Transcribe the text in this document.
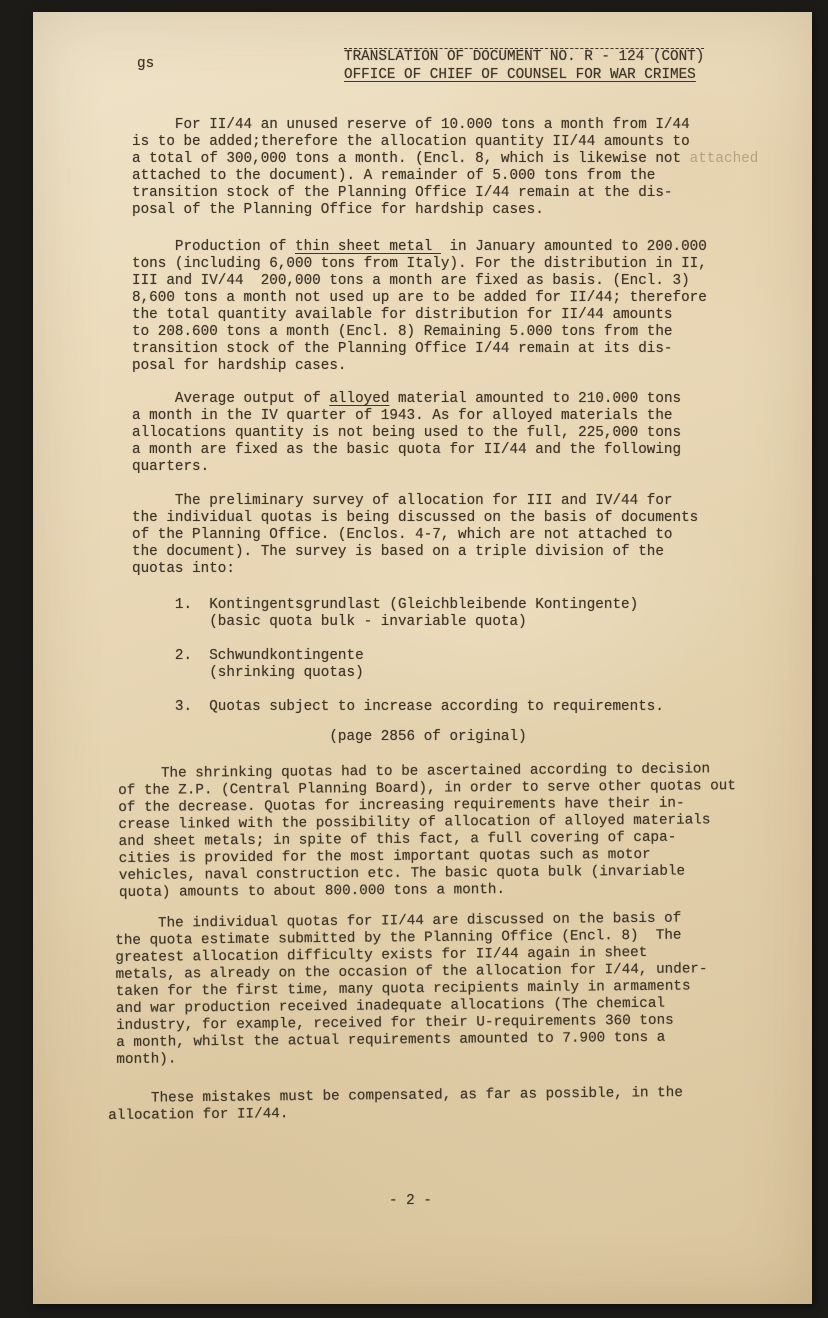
gs	TRANSLATION OF DOCUMENT NO. R - 124 (CONT)
OFFICE OF CHIEF OF COUNSEL FOR WAR CRIMES
For II/44 an unused reserve of 10.000 tons a month from I/44
is to be added;therefore the allocation quantity II/44 amounts to
a total of 300,000 tons a month. (Encl. 8, which is likewise not attached
attached to the document). A remainder of 5.000 tons from the
transition stock of the Planning Office I/44 remain at the dis-
posal of the Planning Office for hardship cases.
Production of thin sheet metal  in January amounted to 200.000
tons (including 6,000 tons from Italy). For the distribution in II,
III and IV/44  200,000 tons a month are fixed as basis. (Encl. 3)
8,600 tons a month not used up are to be added for II/44; therefore
the total quantity available for distribution for II/44 amounts
to 208.600 tons a month (Encl. 8) Remaining 5.000 tons from the
transition stock of the Planning Office I/44 remain at its dis-
posal for hardship cases.
Average output of alloyed material amounted to 210.000 tons
a month in the IV quarter of 1943. As for alloyed materials the
allocations quantity is not being used to the full, 225,000 tons
a month are fixed as the basic quota for II/44 and the following
quarters.
The preliminary survey of allocation for III and IV/44 for
the individual quotas is being discussed on the basis of documents
of the Planning Office. (Enclos. 4-7, which are not attached to
the document). The survey is based on a triple division of the
quotas into:
1.  Kontingentsgrundlast (Gleichbleibende Kontingente)
(basic quota bulk - invariable quota)

2.  Schwundkontingente
(shrinking quotas)

3.  Quotas subject to increase according to requirements.
(page 2856 of original)
The shrinking quotas had to be ascertained according to decision
of the Z.P. (Central Planning Board), in order to serve other quotas out
of the decrease. Quotas for increasing requirements have their in-
crease linked with the possibility of allocation of alloyed materials
and sheet metals; in spite of this fact, a full covering of capa-
cities is provided for the most important quotas such as motor
vehicles, naval construction etc. The basic quota bulk (invariable
quota) amounts to about 800.000 tons a month.
The individual quotas for II/44 are discussed on the basis of
the quota estimate submitted by the Planning Office (Encl. 8)  The
greatest allocation difficulty exists for II/44 again in sheet
metals, as already on the occasion of the allocation for I/44, under-
taken for the first time, many quota recipients mainly in armaments
and war production received inadequate allocations (The chemical
industry, for example, received for their U-requirements 360 tons
a month, whilst the actual requirements amounted to 7.900 tons a
month).
These mistakes must be compensated, as far as possible, in the
allocation for II/44.
- 2 -
